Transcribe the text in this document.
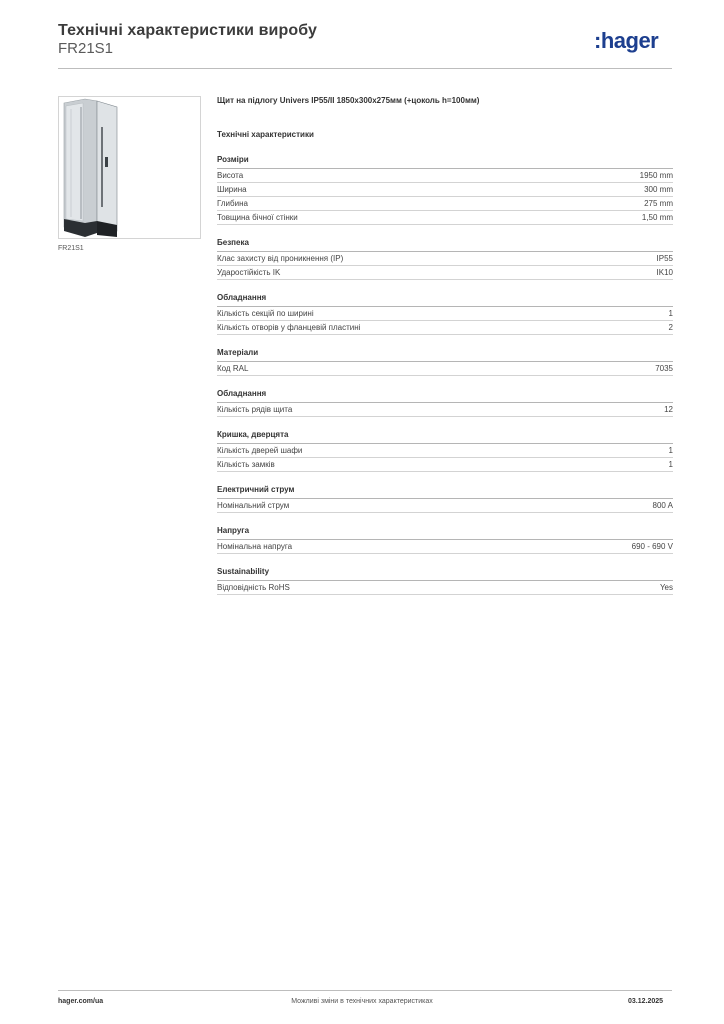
Технічні характеристики виробу
FR21S1	:hager
FR21S1
Щит на підлогу Univers IP55/II 1850x300x275мм (+цоколь h=100мм)
Технічні характеристики
Розміри
Висота	1950 mm
Ширина	300 mm
Глибина	275 mm
Товщина бічної стінки	1,50 mm
Безпека
Клас захисту від проникнення (IP)	IP55
Ударостійкість IK	IK10
Обладнання
Кількість секцій по ширині	1
Кількість отворів у фланцевій пластині	2
Матеріали
Код RAL	7035
Обладнання
Кількість рядів щита	12
Кришка, дверцята
Кількість дверей шафи	1
Кількість замків	1
Електричний струм
Номінальний струм	800 A
Напруга
Номінальна напруга	690 - 690 V
Sustainability
Відповідність RoHS	Yes
hager.com/ua	Можливі зміни в технічних характеристиках	03.12.2025
